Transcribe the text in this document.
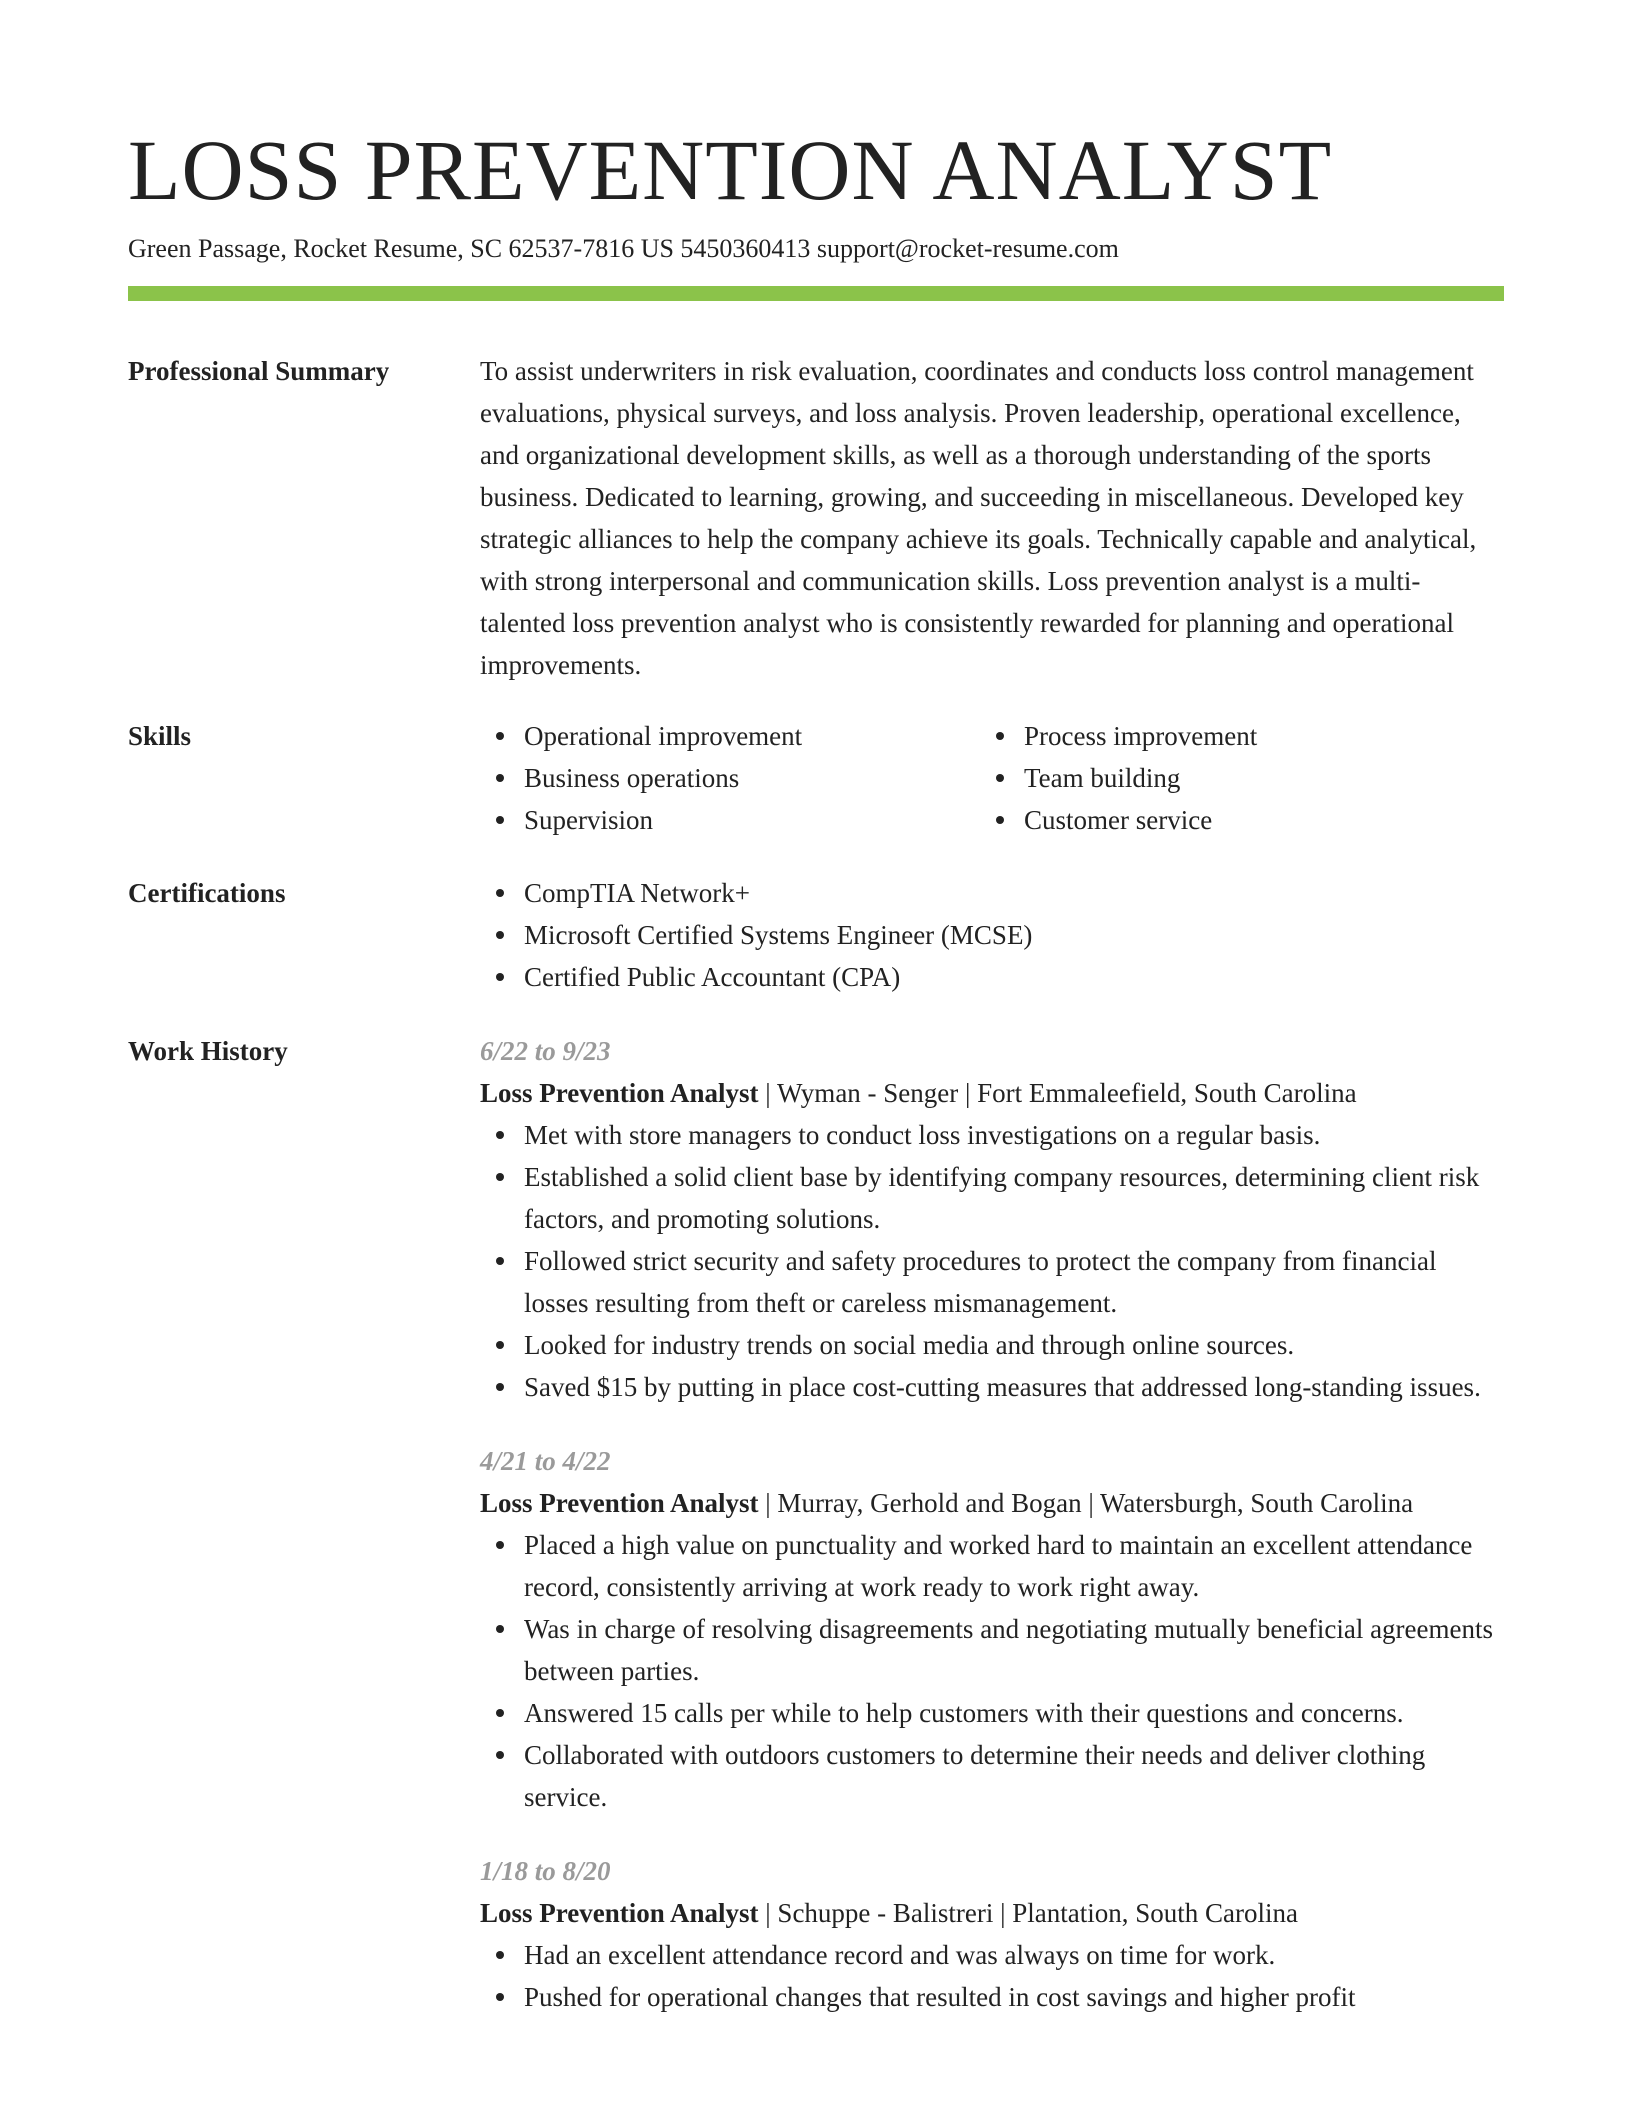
LOSS PREVENTION ANALYST
Green Passage, Rocket Resume, SC 62537-7816 US 5450360413 support@rocket-resume.com
Professional Summary	To assist underwriters in risk evaluation, coordinates and conducts loss control management evaluations, physical surveys, and loss analysis. Proven leadership, operational excellence, and organizational development skills, as well as a thorough understanding of the sports business. Dedicated to learning, growing, and succeeding in miscellaneous. Developed key strategic alliances to help the company achieve its goals. Technically capable and analytical, with strong interpersonal and communication skills. Loss prevention analyst is a multi-talented loss prevention analyst who is consistently rewarded for planning and operational improvements.

Skills	Operational improvement
Business operations
Supervision
Process improvement
Team building
Customer service
Certifications	CompTIA Network+
Microsoft Certified Systems Engineer (MCSE)
Certified Public Accountant (CPA)
Work History	6/22 to 9/23
Loss Prevention Analyst | Wyman - Senger | Fort Emmaleefield, South Carolina
Met with store managers to conduct loss investigations on a regular basis.
Established a solid client base by identifying company resources, determining client risk factors, and promoting solutions.
Followed strict security and safety procedures to protect the company from financial losses resulting from theft or careless mismanagement.
Looked for industry trends on social media and through online sources.
Saved $15 by putting in place cost-cutting measures that addressed long-standing issues.
4/21 to 4/22
Loss Prevention Analyst | Murray, Gerhold and Bogan | Watersburgh, South Carolina
Placed a high value on punctuality and worked hard to maintain an excellent attendance record, consistently arriving at work ready to work right away.
Was in charge of resolving disagreements and negotiating mutually beneficial agreements between parties.
Answered 15 calls per while to help customers with their questions and concerns.
Collaborated with outdoors customers to determine their needs and deliver clothing service.
1/18 to 8/20
Loss Prevention Analyst | Schuppe - Balistreri | Plantation, South Carolina
Had an excellent attendance record and was always on time for work.
Pushed for operational changes that resulted in cost savings and higher profit
